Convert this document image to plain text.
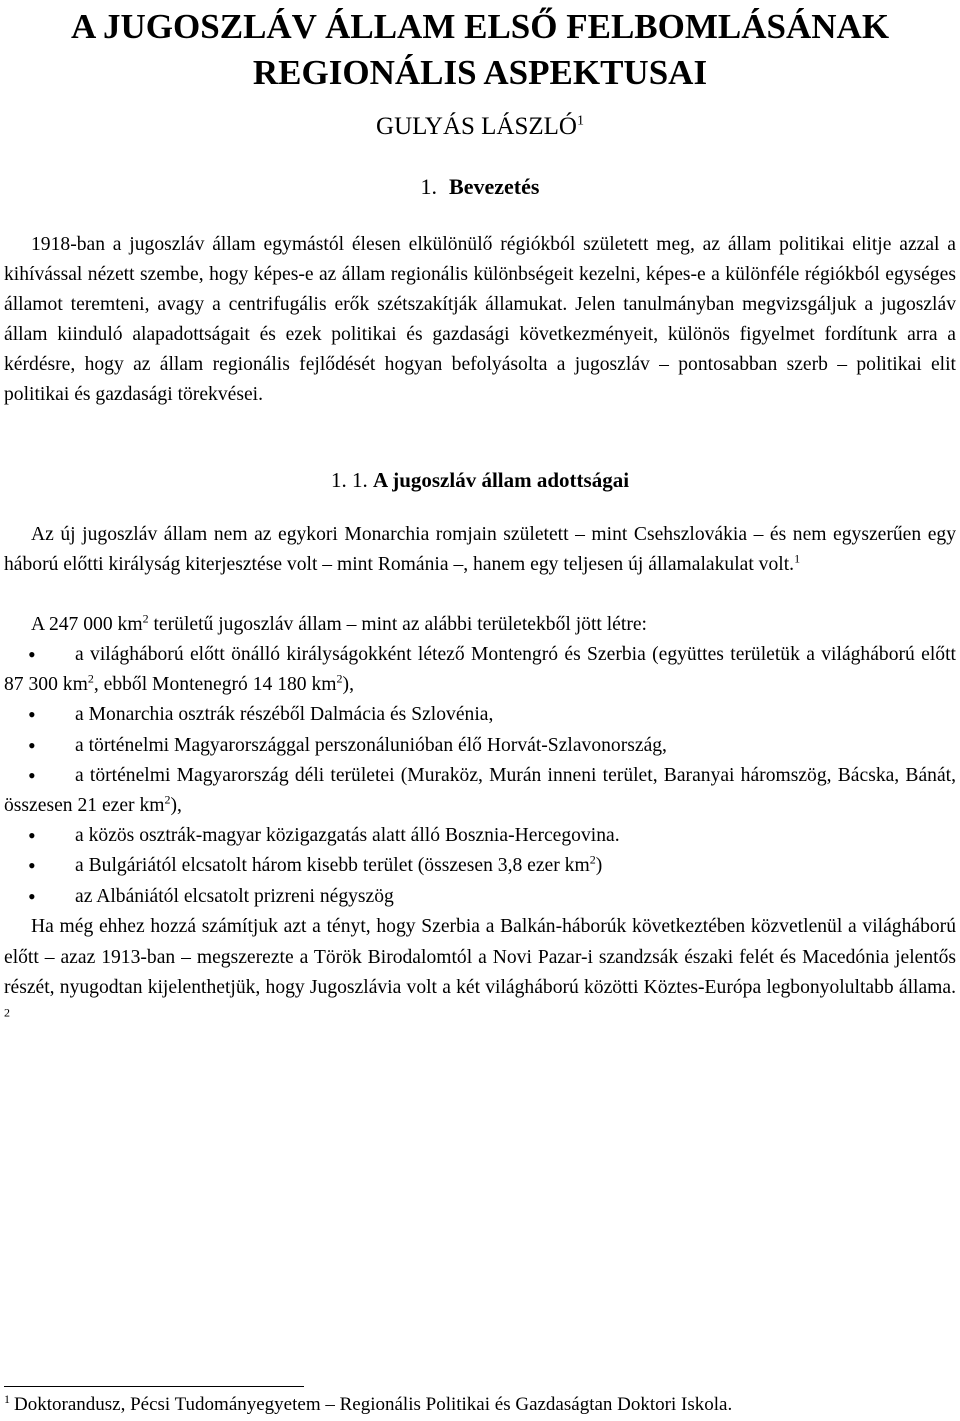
A JUGOSZLÁV ÁLLAM ELSŐ FELBOMLÁSÁNAK
REGIONÁLIS ASPEKTUSAI
GULYÁS LÁSZLÓ$^1$
1. Bevezetés
1918-ban a jugoszláv állam egymástól élesen elkülönülő régiókból született meg, az állam politikai elitje azzal a kihívással nézett szembe, hogy képes-e az állam regionális különbségeit kezelni, képes-e a különféle régiókból egységes államot teremteni, avagy a centrifugális erők szétszakítják államukat. Jelen tanulmányban megvizsgáljuk a jugoszláv állam kiinduló alapadottságait és ezek politikai és gazdasági következményeit, különös figyelmet fordítunk arra a kérdésre, hogy az állam regionális fejlődését hogyan befolyásolta a jugoszláv – pontosabban szerb – politikai elit politikai és gazdasági törekvései.
1. 1. A jugoszláv állam adottságai
Az új jugoszláv állam nem az egykori Monarchia romjain született – mint Csehszlovákia – és nem egyszerűen egy háború előtti királyság kiterjesztése volt – mint Románia –, hanem egy teljesen új államalakulat volt.$^1$
A 247 000 $km^2$ területű jugoszláv állam – mint az alábbi területekből jött létre:
• a világháború előtt önálló királyságokként létező Montengró és Szerbia (együttes területük a világháború előtt 87 300 $km^2$, ebből Montenegró 14 180 $km^2$),
• a Monarchia osztrák részéből Dalmácia és Szlovénia,
• a történelmi Magyarországgal perszonálunióban élő Horvát-Szlavonország,
• a történelmi Magyarország déli területei (Muraköz, Murán inneni terület, Baranyai háromszög, Bácska, Bánát, összesen 21 ezer $km^2$),
• a közös osztrák-magyar közigazgatás alatt álló Bosznia-Hercegovina.
• a Bulgáriától elcsatolt három kisebb terület (összesen 3,8 ezer $km^2$)
• az Albániától elcsatolt prizreni négyszög
Ha még ehhez hozzá számítjuk azt a tényt, hogy Szerbia a Balkán-háborúk következtében közvetlenül a világháború előtt – azaz 1913-ban – megszerezte a Török Birodalomtól a Novi Pazar-i szandzsák északi felét és Macedónia jelentős részét, nyugodtan kijelenthetjük, hogy Jugoszlávia volt a két világháború közötti Köztes-Európa legbonyolultabb állama. $^2$
$^1$ Doktorandusz, Pécsi Tudományegyetem – Regionális Politikai és Gazdaságtan Doktori Iskola.
